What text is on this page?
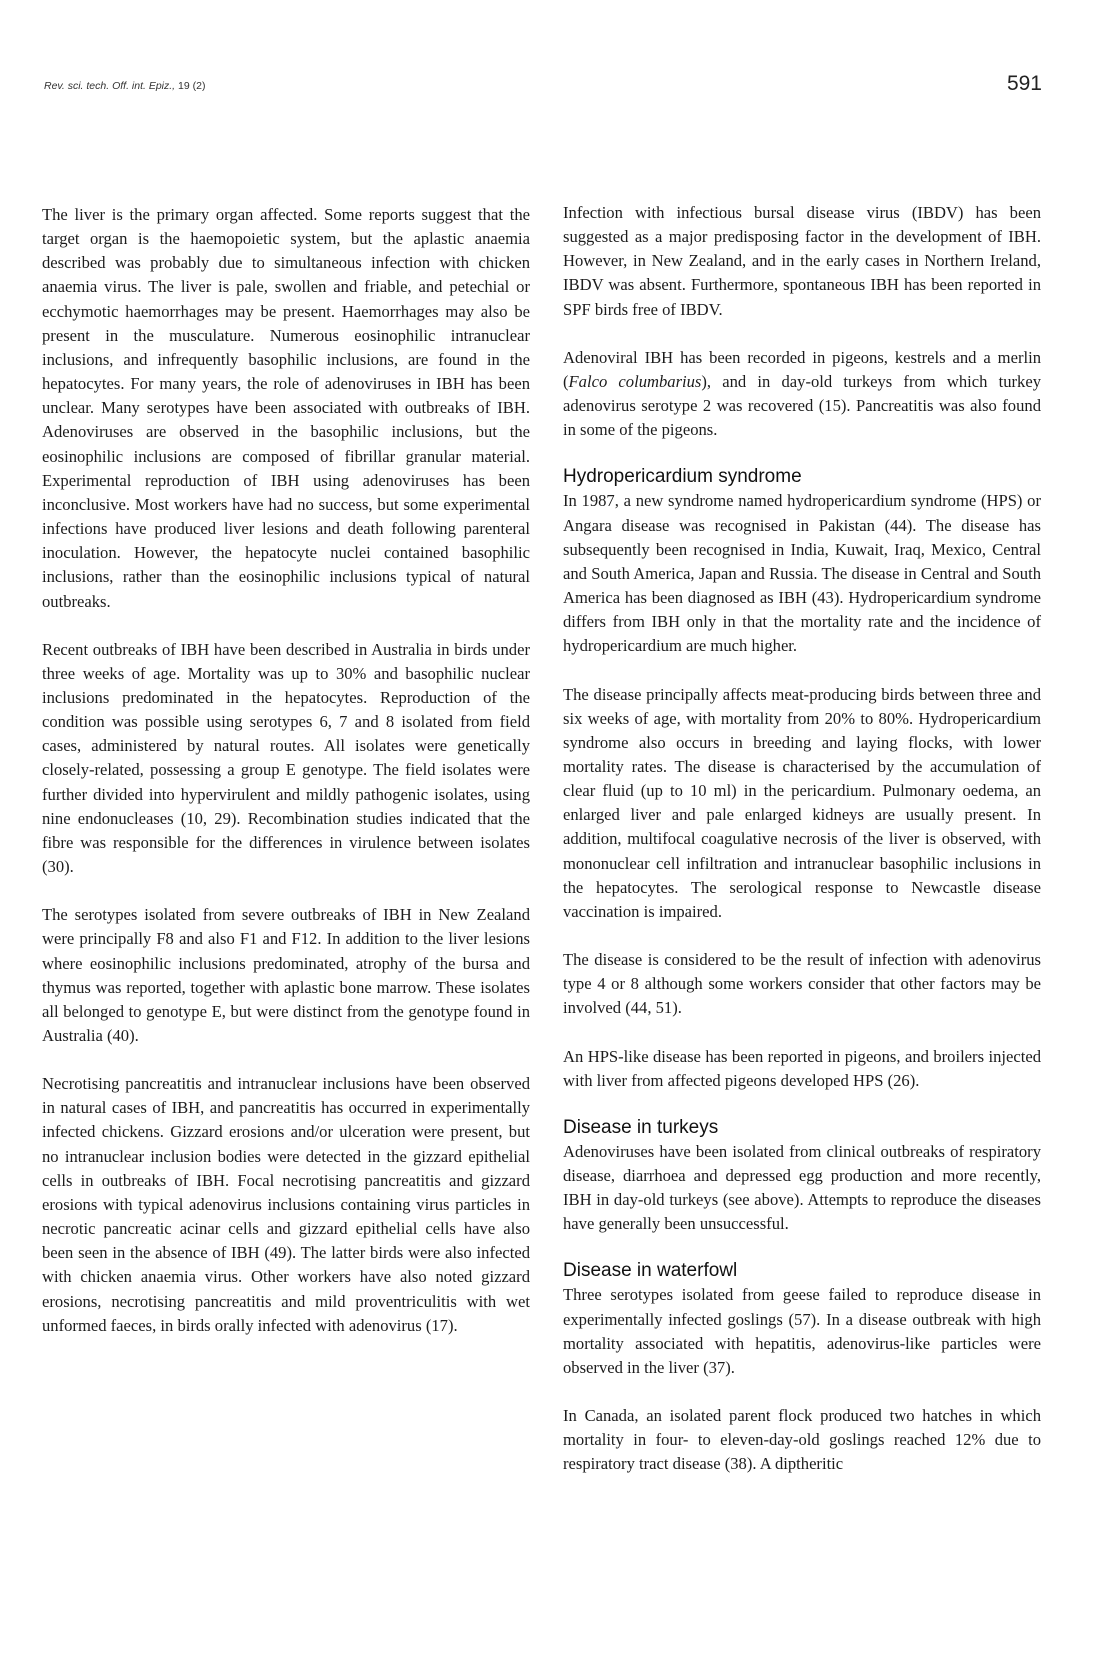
Rev. sci. tech. Off. int. Epiz., 19 (2)	591

The liver is the primary organ affected. Some reports suggest that the target organ is the haemopoietic system, but the aplastic anaemia described was probably due to simultaneous infection with chicken anaemia virus. The liver is pale, swollen and friable, and petechial or ecchymotic haemorrhages may be present. Haemorrhages may also be present in the musculature. Numerous eosinophilic intranuclear inclusions, and infrequently basophilic inclusions, are found in the hepatocytes. For many years, the role of adenoviruses in IBH has been unclear. Many serotypes have been associated with outbreaks of IBH. Adenoviruses are observed in the basophilic inclusions, but the eosinophilic inclusions are composed of fibrillar granular material. Experimental reproduction of IBH using adenoviruses has been inconclusive. Most workers have had no success, but some experimental infections have produced liver lesions and death following parenteral inoculation. However, the hepatocyte nuclei contained basophilic inclusions, rather than the eosinophilic inclusions typical of natural outbreaks.

Recent outbreaks of IBH have been described in Australia in birds under three weeks of age. Mortality was up to 30% and basophilic nuclear inclusions predominated in the hepatocytes. Reproduction of the condition was possible using serotypes 6, 7 and 8 isolated from field cases, administered by natural routes. All isolates were genetically closely-related, possessing a group E genotype. The field isolates were further divided into hypervirulent and mildly pathogenic isolates, using nine endonucleases (10, 29). Recombination studies indicated that the fibre was responsible for the differences in virulence between isolates (30).

The serotypes isolated from severe outbreaks of IBH in New Zealand were principally F8 and also F1 and F12. In addition to the liver lesions where eosinophilic inclusions predominated, atrophy of the bursa and thymus was reported, together with aplastic bone marrow. These isolates all belonged to genotype E, but were distinct from the genotype found in Australia (40).

Necrotising pancreatitis and intranuclear inclusions have been observed in natural cases of IBH, and pancreatitis has occurred in experimentally infected chickens. Gizzard erosions and/or ulceration were present, but no intranuclear inclusion bodies were detected in the gizzard epithelial cells in outbreaks of IBH. Focal necrotising pancreatitis and gizzard erosions with typical adenovirus inclusions containing virus particles in necrotic pancreatic acinar cells and gizzard epithelial cells have also been seen in the absence of IBH (49). The latter birds were also infected with chicken anaemia virus. Other workers have also noted gizzard erosions, necrotising pancreatitis and mild proventriculitis with wet unformed faeces, in birds orally infected with adenovirus (17).

Infection with infectious bursal disease virus (IBDV) has been suggested as a major predisposing factor in the development of IBH. However, in New Zealand, and in the early cases in Northern Ireland, IBDV was absent. Furthermore, spontaneous IBH has been reported in SPF birds free of IBDV.

Adenoviral IBH has been recorded in pigeons, kestrels and a merlin (Falco columbarius), and in day-old turkeys from which turkey adenovirus serotype 2 was recovered (15). Pancreatitis was also found in some of the pigeons.

Hydropericardium syndrome

In 1987, a new syndrome named hydropericardium syndrome (HPS) or Angara disease was recognised in Pakistan (44). The disease has subsequently been recognised in India, Kuwait, Iraq, Mexico, Central and South America, Japan and Russia. The disease in Central and South America has been diagnosed as IBH (43). Hydropericardium syndrome differs from IBH only in that the mortality rate and the incidence of hydropericardium are much higher.

The disease principally affects meat-producing birds between three and six weeks of age, with mortality from 20% to 80%. Hydropericardium syndrome also occurs in breeding and laying flocks, with lower mortality rates. The disease is characterised by the accumulation of clear fluid (up to 10 ml) in the pericardium. Pulmonary oedema, an enlarged liver and pale enlarged kidneys are usually present. In addition, multifocal coagulative necrosis of the liver is observed, with mononuclear cell infiltration and intranuclear basophilic inclusions in the hepatocytes. The serological response to Newcastle disease vaccination is impaired.

The disease is considered to be the result of infection with adenovirus type 4 or 8 although some workers consider that other factors may be involved (44, 51).

An HPS-like disease has been reported in pigeons, and broilers injected with liver from affected pigeons developed HPS (26).

Disease in turkeys

Adenoviruses have been isolated from clinical outbreaks of respiratory disease, diarrhoea and depressed egg production and more recently, IBH in day-old turkeys (see above). Attempts to reproduce the diseases have generally been unsuccessful.

Disease in waterfowl

Three serotypes isolated from geese failed to reproduce disease in experimentally infected goslings (57). In a disease outbreak with high mortality associated with hepatitis, adenovirus-like particles were observed in the liver (37).

In Canada, an isolated parent flock produced two hatches in which mortality in four- to eleven-day-old goslings reached 12% due to respiratory tract disease (38). A diptheritic
